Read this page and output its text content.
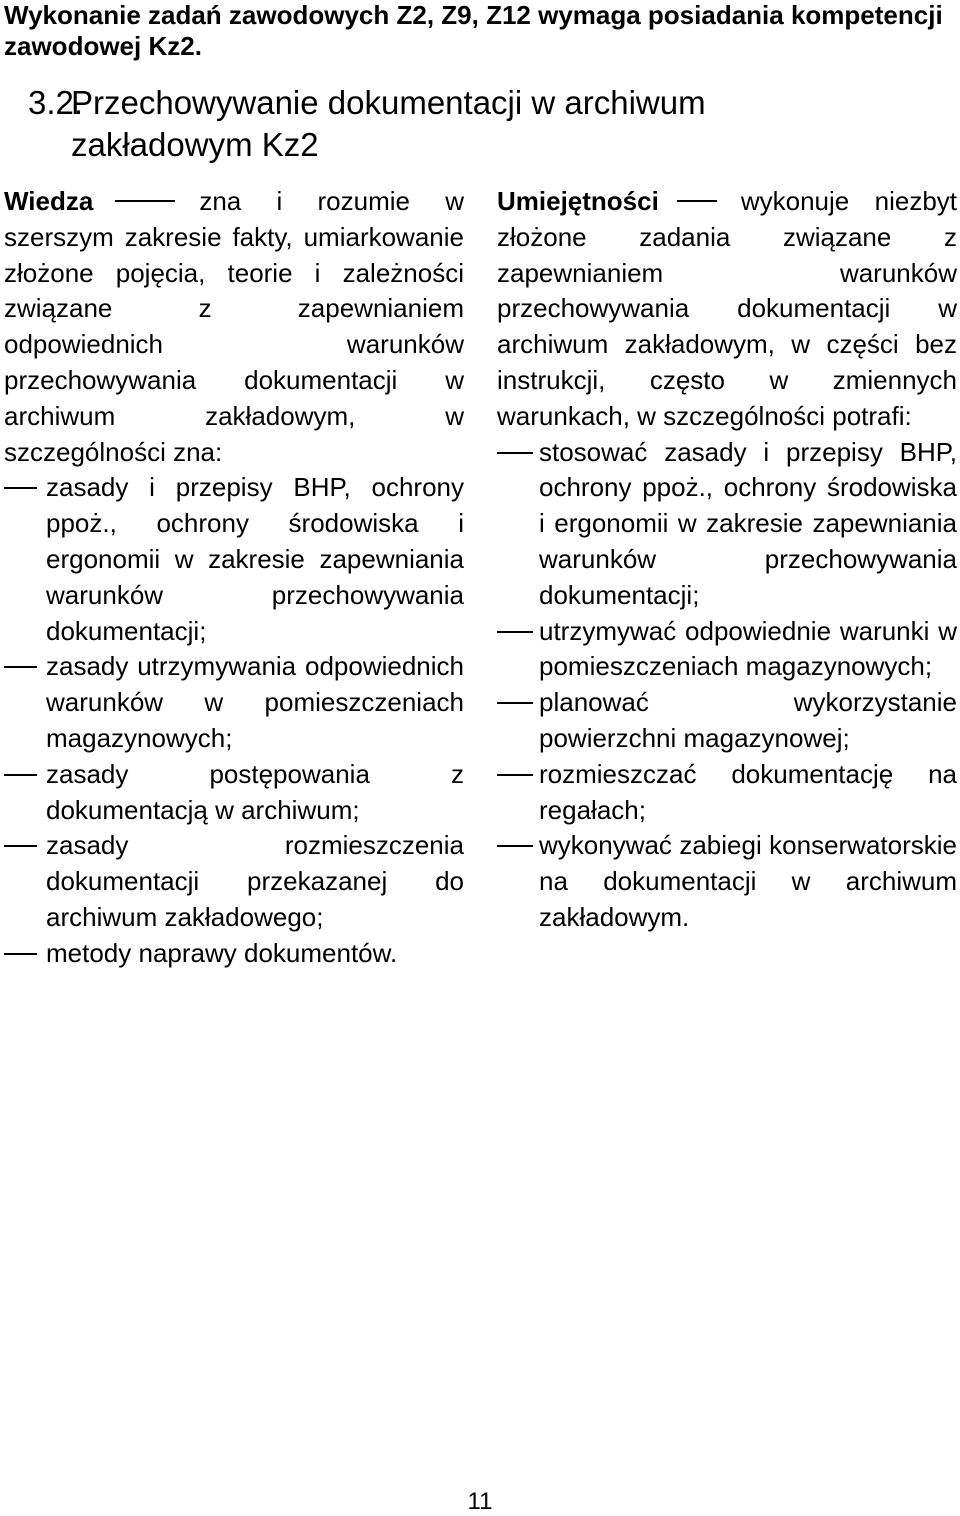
Wykonanie zadań zawodowych Z2, Z9, Z12 wymaga posiadania kompetencji zawodowej Kz2.

3.2.Przechowywanie dokumentacji w archiwum
zakładowym Kz2

Wiedza	zna i rozumie w szerszym zakresie fakty, umiarkowanie złożone pojęcia, teorie i zależności związane z zapewnianiem odpowiednich warunków przechowywania dokumentacji w archiwum zakładowym, w szczególności zna:

zasady i przepisy BHP, ochrony ppoż., ochrony środowiska i ergonomii w zakresie zapewniania warunków przechowywania dokumentacji;
zasady utrzymywania odpowiednich warunków w pomieszczeniach magazynowych;
zasady postępowania z dokumentacją w archiwum;
zasady rozmieszczenia dokumentacji przekazanej do archiwum zakładowego;
metody naprawy dokumentów.

Umiejętności	wykonuje niezbyt złożone zadania związane z zapewnianiem warunków przechowywania dokumentacji w archiwum zakładowym, w części bez instrukcji, często w zmiennych warunkach, w szczególności potrafi:

stosować zasady i przepisy BHP, ochrony ppoż., ochrony środowiska i ergonomii w zakresie zapewniania warunków przechowywania dokumentacji;
utrzymywać odpowiednie warunki w pomieszczeniach magazynowych;
planować wykorzystanie powierzchni magazynowej;
rozmieszczać dokumentację na regałach;
wykonywać zabiegi konserwatorskie na dokumentacji w archiwum zakładowym.
11
